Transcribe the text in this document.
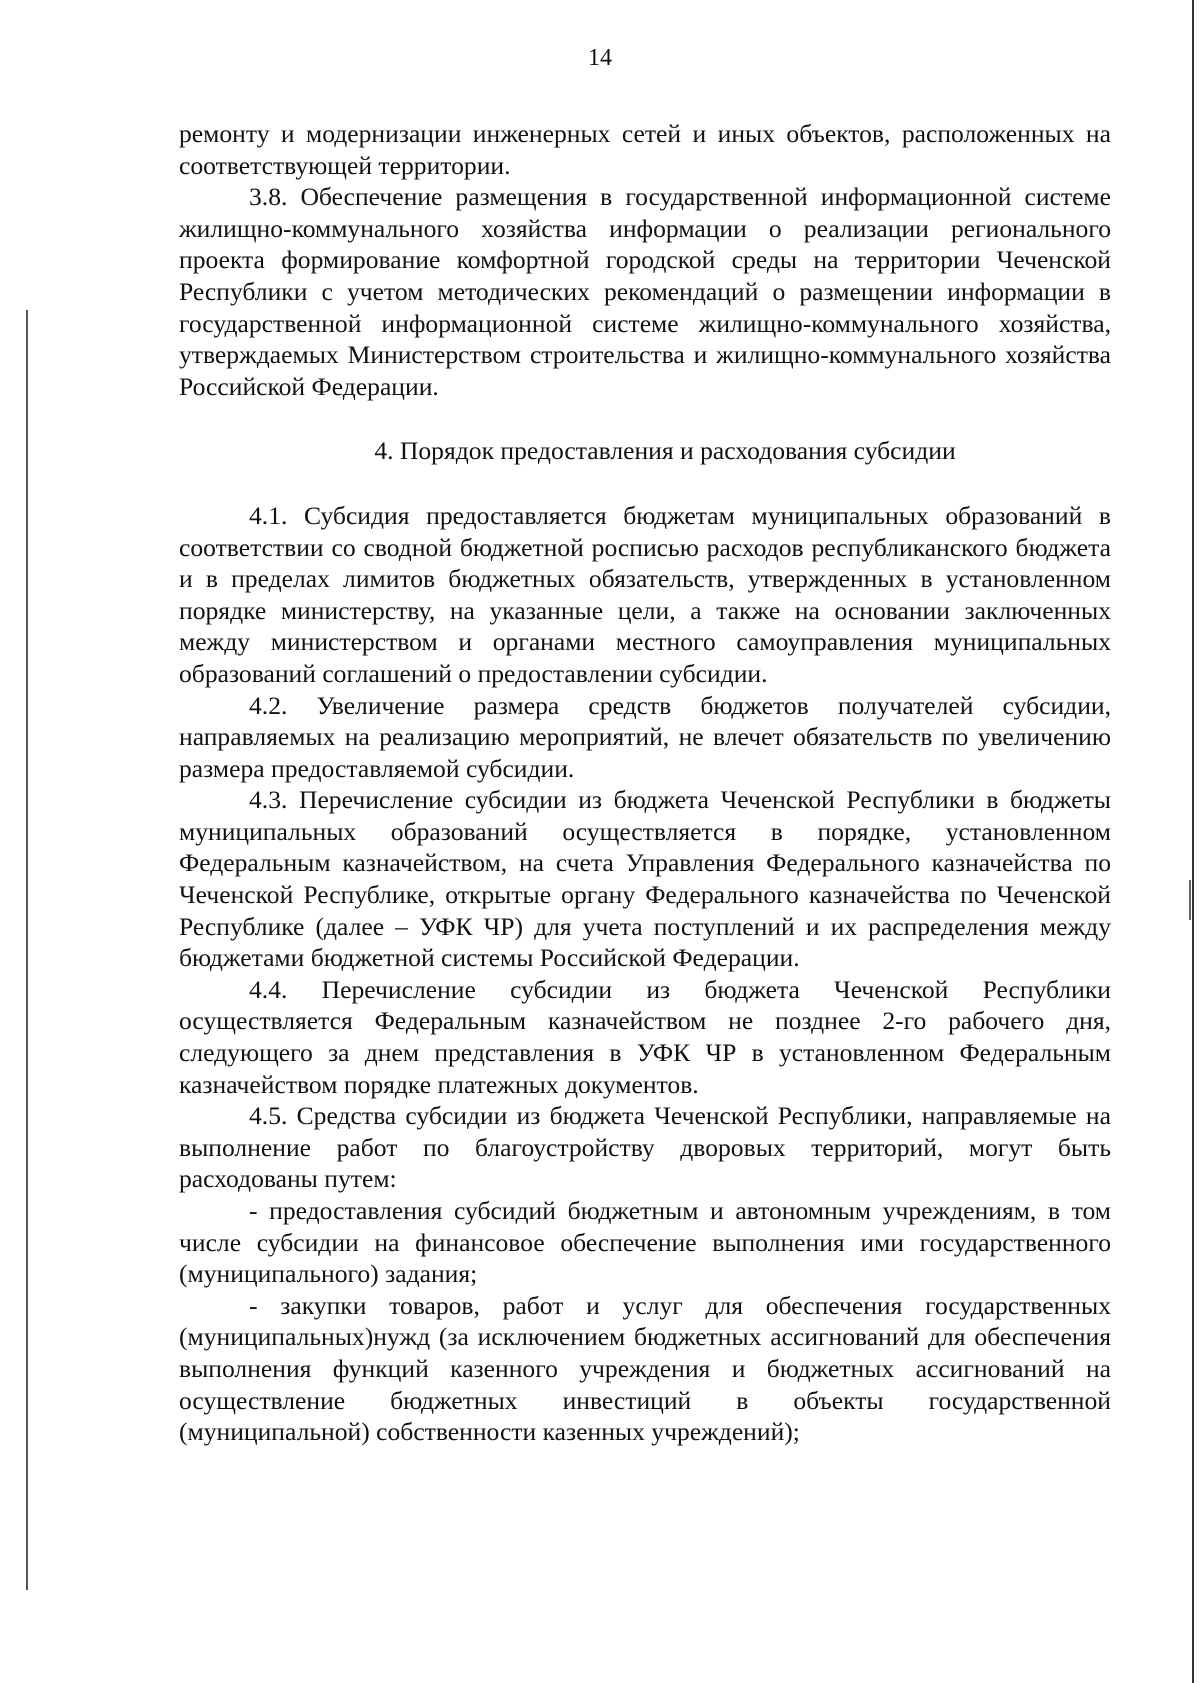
14

ремонту и модернизации инженерных сетей и иных объектов, расположенных на соответствующей территории.

3.8. Обеспечение размещения в государственной информационной системе жилищно-коммунального хозяйства информации о реализации регионального проекта формирование комфортной городской среды на территории Чеченской Республики с учетом методических рекомендаций о размещении информации в государственной информационной системе жилищно-коммунального хозяйства, утверждаемых Министерством строительства и жилищно-коммунального хозяйства Российской Федерации.

4. Порядок предоставления и расходования субсидии

4.1. Субсидия предоставляется бюджетам муниципальных образований в соответствии со сводной бюджетной росписью расходов республиканского бюджета и в пределах лимитов бюджетных обязательств, утвержденных в установленном порядке министерству, на указанные цели, а также на основании заключенных между министерством и органами местного самоуправления муниципальных образований соглашений о предоставлении субсидии.

4.2. Увеличение размера средств бюджетов получателей субсидии, направляемых на реализацию мероприятий, не влечет обязательств по увеличению размера предоставляемой субсидии.

4.3. Перечисление субсидии из бюджета Чеченской Республики в бюджеты муниципальных образований осуществляется в порядке, установленном Федеральным казначейством, на счета Управления Федерального казначейства по Чеченской Республике, открытые органу Федерального казначейства по Чеченской Республике (далее – УФК ЧР) для учета поступлений и их распределения между бюджетами бюджетной системы Российской Федерации.

4.4. Перечисление субсидии из бюджета Чеченской Республики осуществляется Федеральным казначейством не позднее 2-го рабочего дня, следующего за днем представления в УФК ЧР в установленном Федеральным казначейством порядке платежных документов.

4.5. Средства субсидии из бюджета Чеченской Республики, направляемые на выполнение работ по благоустройству дворовых территорий, могут быть расходованы путем:

- предоставления субсидий бюджетным и автономным учреждениям, в том числе субсидии на финансовое обеспечение выполнения ими государственного (муниципального) задания;

- закупки товаров, работ и услуг для обеспечения государственных (муниципальных)нужд (за исключением бюджетных ассигнований для обеспечения выполнения функций казенного учреждения и бюджетных ассигнований на осуществление бюджетных инвестиций в объекты государственной (муниципальной) собственности казенных учреждений);
